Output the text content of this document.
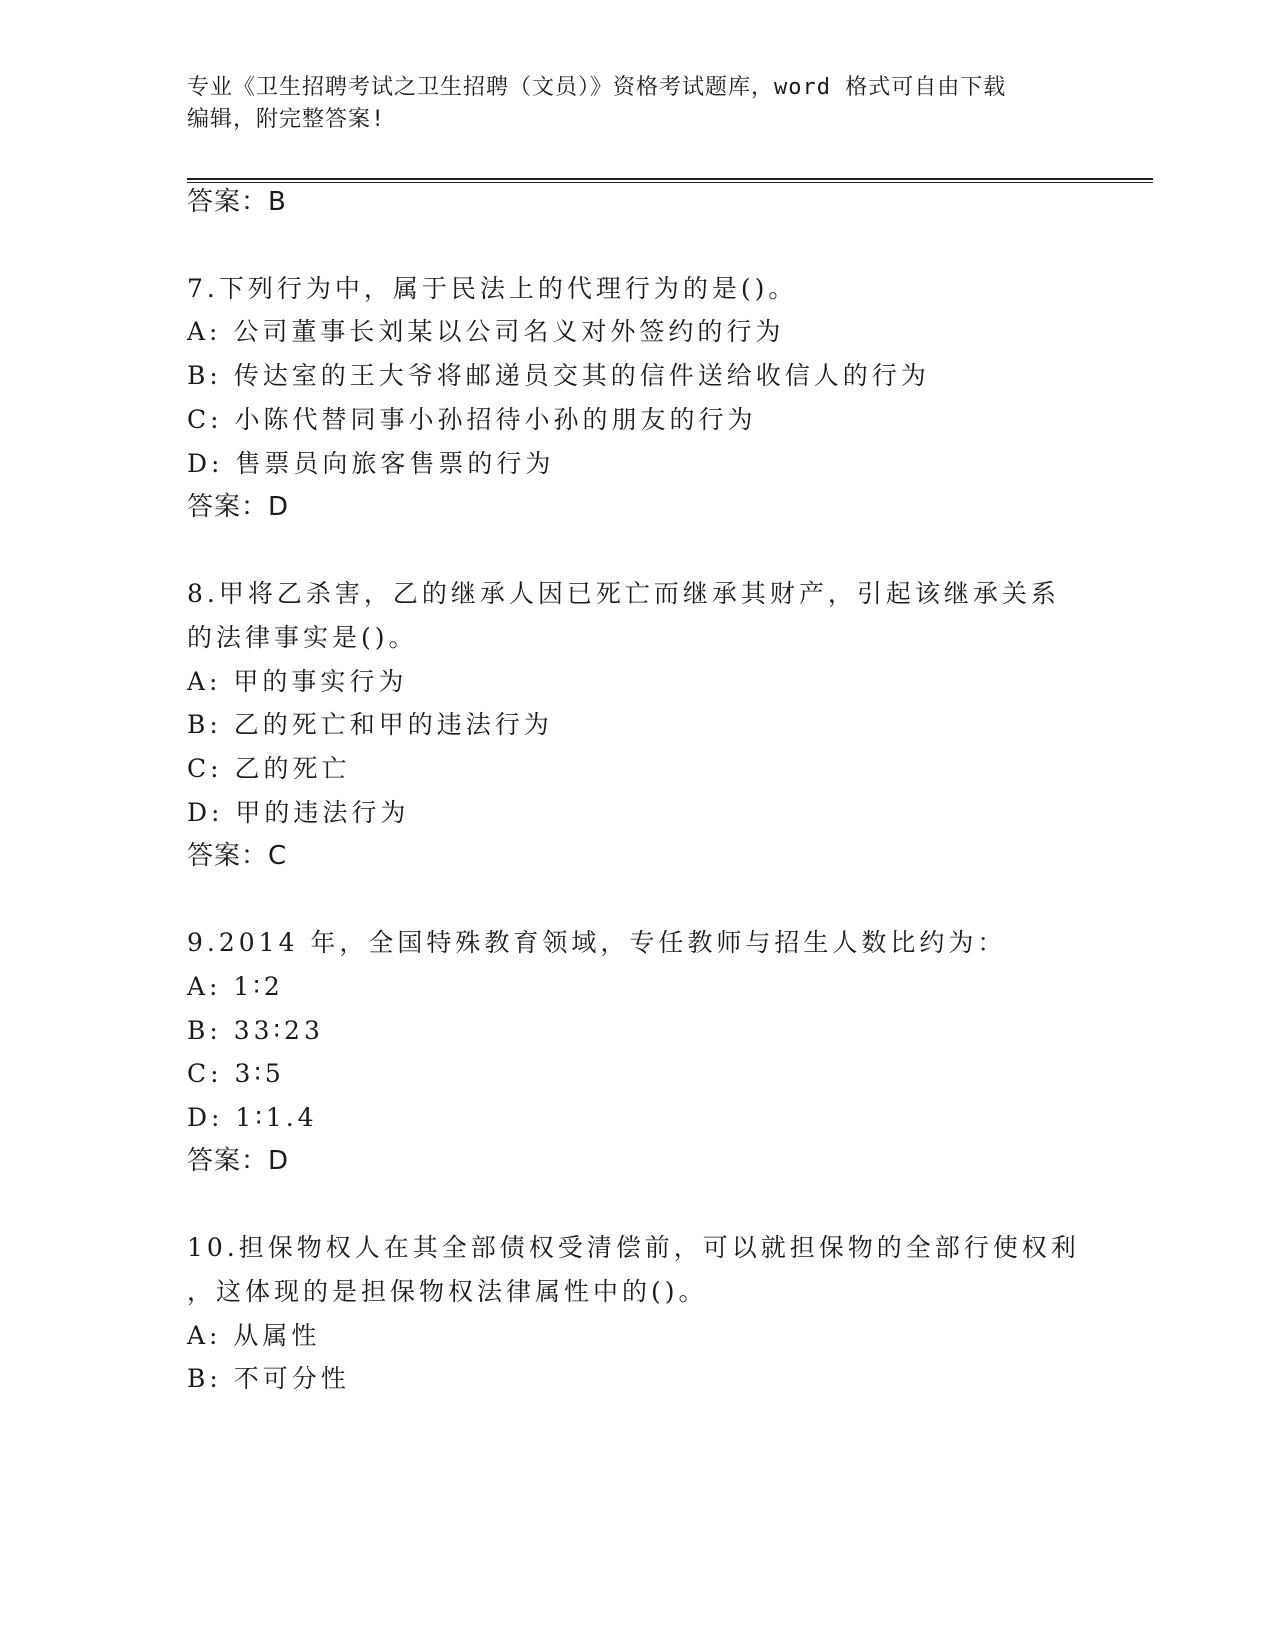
专业《卫生招聘考试之卫生招聘（文员）》资格考试题库，word 格式可自由下载
编辑，附完整答案!
答案：B
7.下列行为中，属于民法上的代理行为的是()。
A: 公司董事长刘某以公司名义对外签约的行为
B: 传达室的王大爷将邮递员交其的信件送给收信人的行为
C: 小陈代替同事小孙招待小孙的朋友的行为
D: 售票员向旅客售票的行为
答案：D
8.甲将乙杀害，乙的继承人因已死亡而继承其财产，引起该继承关系
的法律事实是()。
A: 甲的事实行为
B: 乙的死亡和甲的违法行为
C: 乙的死亡
D: 甲的违法行为
答案：C
9.2014 年，全国特殊教育领域，专任教师与招生人数比约为：
A: 1∶2
B: 33∶23
C: 3∶5
D: 1∶1.4
答案：D
10.担保物权人在其全部债权受清偿前，可以就担保物的全部行使权利
，这体现的是担保物权法律属性中的()。
A: 从属性
B: 不可分性
